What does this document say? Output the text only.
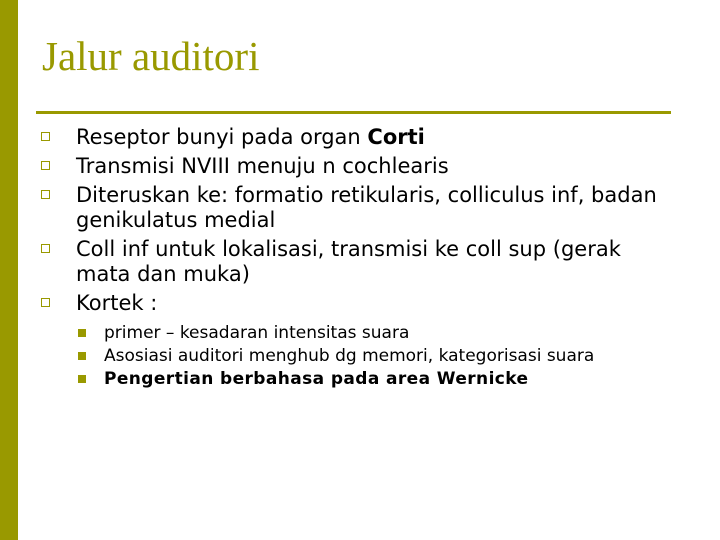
Jalur auditori
Reseptor bunyi pada organ Corti
Transmisi NVIII menuju n cochlearis
Diteruskan ke: formatio retikularis, colliculus inf, badan genikulatus medial
Coll inf untuk lokalisasi, transmisi ke coll sup (gerak mata dan muka)
Kortek :
primer – kesadaran intensitas suara
Asosiasi auditori menghub dg memori, kategorisasi suara
Pengertian berbahasa pada area Wernicke
